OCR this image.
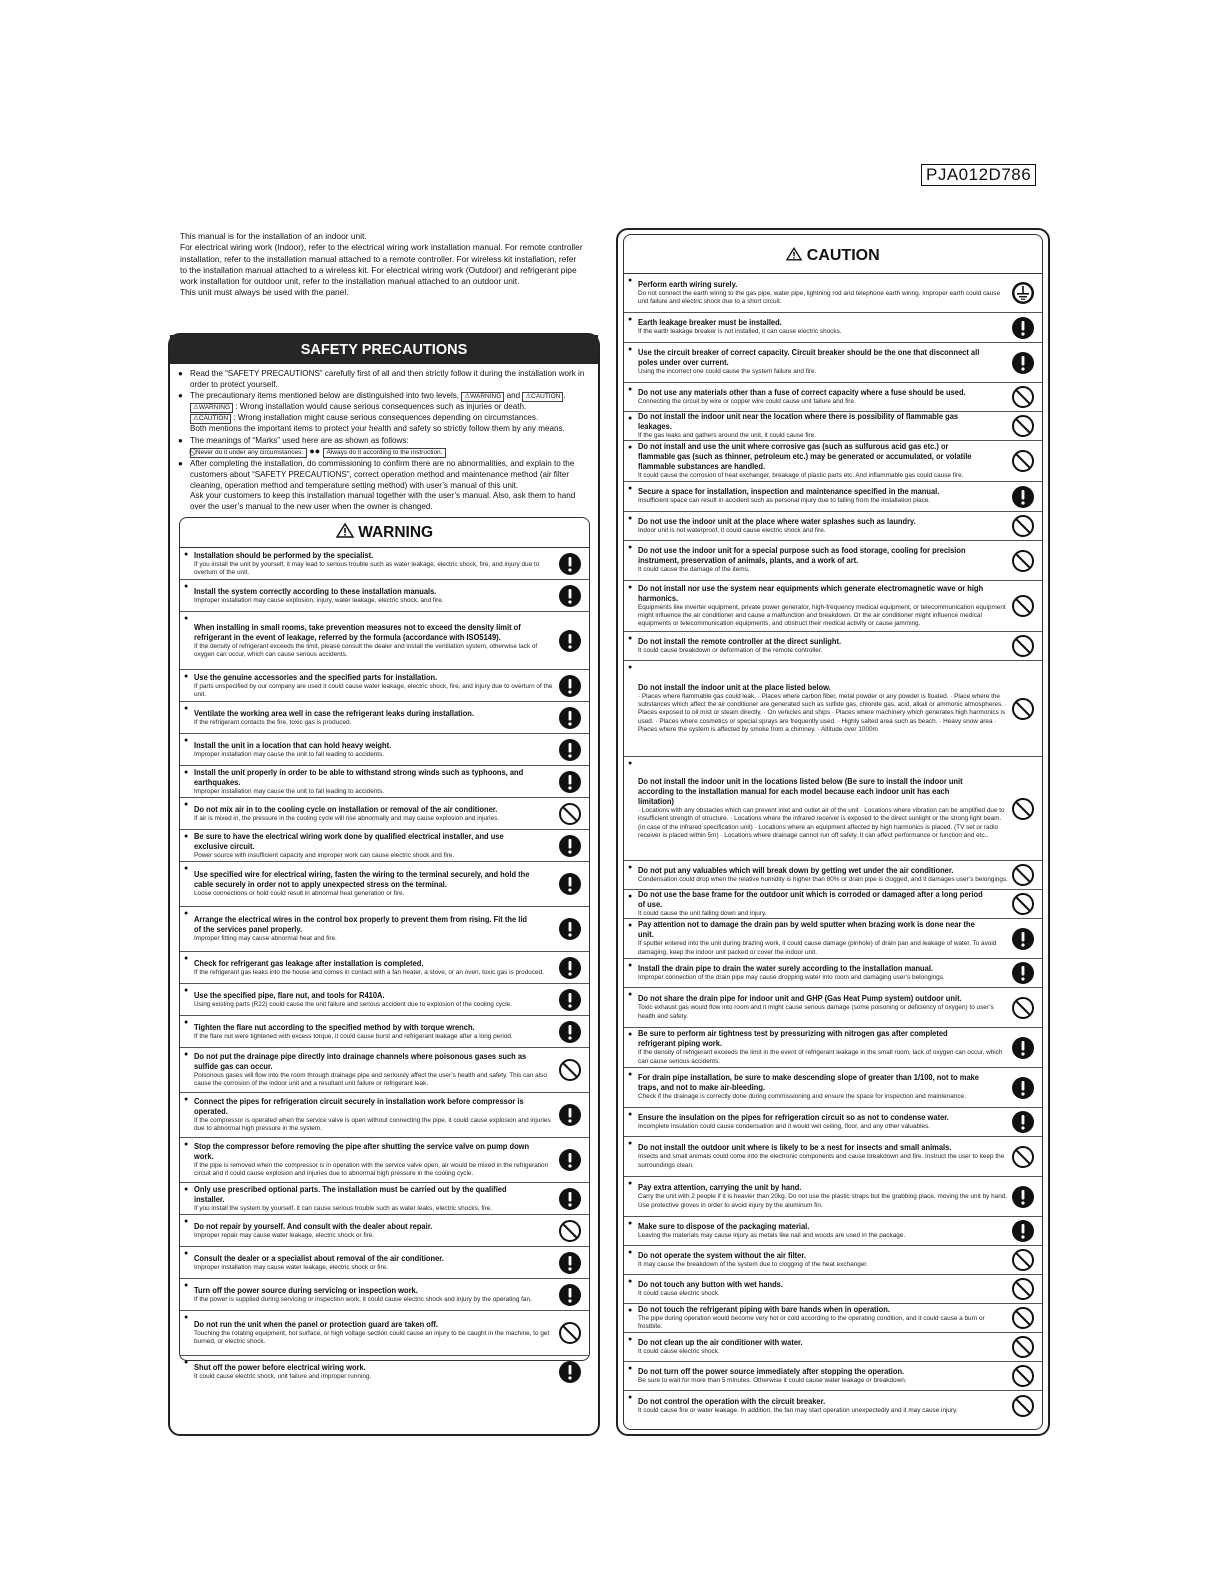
PJA012D786

This manual is for the installation of an indoor unit.

For electrical wiring work (Indoor), refer to the electrical wiring work installation manual. For remote controller installation, refer to the installation manual attached to a remote controller. For wireless kit installation, refer to the installation manual attached to a wireless kit. For electrical wiring work (Outdoor) and refrigerant pipe work installation for outdoor unit, refer to the installation manual attached to an outdoor unit.

This unit must always be used with the panel.

SAFETY PRECAUTIONS
● Read the “SAFETY PRECAUTIONS” carefully first of all and then strictly follow it during the installation work in order to protect yourself.
● The precautionary items mentioned below are distinguished into two levels, ⚠WARNING and ⚠CAUTION .
⚠WARNING : Wrong installation would cause serious consequences such as injuries or death.
⚠CAUTION : Wrong installation might cause serious consequences depending on circumstances.
Both mentions the important items to protect your health and safety so strictly follow them by any means.
● The meanings of “Marks” used here are as shown as follows:
Never do it under any circumstances. ●● Always do it according to the instruction.
● After completing the installation, do commissioning to confirm there are no abnormalities, and explain to the customers about “SAFETY PRECAUTIONS”, correct operation method and maintenance method (air filter cleaning, operation method and temperature setting method) with user’s manual of this unit.
Ask your customers to keep this installation manual together with the user’s manual. Also, ask them to hand over the user’s manual to the new user when the owner is changed.
WARNING
● Installation should be performed by the specialist.
If you install the unit by yourself, it may lead to serious trouble such as water leakage, electric shock, fire, and injury due to overturn of the unit.
● Install the system correctly according to these installation manuals.
Improper installation may cause explosion, injury, water leakage, electric shock, and fire.
●
When installing in small rooms, take prevention measures not to exceed the density limit of refrigerant in the event of leakage, referred by the formula (accordance with ISO5149).
If the density of refrigerant exceeds the limit, please consult the dealer and install the ventilation system, otherwise lack of oxygen can occur, which can cause serious accidents.
● Use the genuine accessories and the specified parts for installation.
If parts unspecified by our company are used it could cause water leakage, electric shock, fire, and injury due to overturn of the unit.
● Ventilate the working area well in case the refrigerant leaks during installation.
If the refrigerant contacts the fire, toxic gas is produced.
● Install the unit in a location that can hold heavy weight.
Improper installation may cause the unit to fall leading to accidents.
● Install the unit properly in order to be able to withstand strong winds such as typhoons, and earthquakes.
Improper installation may cause the unit to fall leading to accidents.
● Do not mix air in to the cooling cycle on installation or removal of the air conditioner.
If air is mixed in, the pressure in the cooling cycle will rise abnormally and may cause explosion and injuries.
● Be sure to have the electrical wiring work done by qualified electrical installer, and use exclusive circuit.
Power source with insufficient capacity and improper work can cause electric shock and fire.
●
Use specified wire for electrical wiring, fasten the wiring to the terminal securely, and hold the cable securely in order not to apply unexpected stress on the terminal.
Loose connections or hold could result in abnormal heat generation or fire.
●
Arrange the electrical wires in the control box properly to prevent them from rising. Fit the lid of the services panel properly.
Improper fitting may cause abnormal heat and fire.
● Check for refrigerant gas leakage after installation is completed.
If the refrigerant gas leaks into the house and comes in contact with a fan heater, a stove, or an oven, toxic gas is produced.
● Use the specified pipe, flare nut, and tools for R410A.
Using existing parts (R22) could cause the unit failure and serious accident due to explosion of the cooling cycle.
● Tighten the flare nut according to the specified method by with torque wrench.
If the flare nut were tightened with excess torque, it could cause burst and refrigerant leakage after a long period.
● Do not put the drainage pipe directly into drainage channels where poisonous gases such as sulfide gas can occur.
Poisonous gases will flow into the room through drainage pipe and seriously affect the user’s health and safety. This can also cause the corrosion of the indoor unit and a resultant unit failure or refrigerant leak.
● Connect the pipes for refrigeration circuit securely in installation work before compressor is operated.
If the compressor is operated when the service valve is open without connecting the pipe, it could cause explosion and injuries due to abnormal high pressure in the system.
● Stop the compressor before removing the pipe after shutting the service valve on pump down work.
If the pipe is removed when the compressor is in operation with the service valve open, air would be mixed in the refrigeration circuit and it could cause explosion and injuries due to abnormal high pressure in the cooling cycle.
● Only use prescribed optional parts. The installation must be carried out by the qualified installer.
If you install the system by yourself, it can cause serious trouble such as water leaks, electric shocks, fire.
● Do not repair by yourself. And consult with the dealer about repair.
Improper repair may cause water leakage, electric shock or fire.
● Consult the dealer or a specialist about removal of the air conditioner.
Improper installation may cause water leakage, electric shock or fire.
● Turn off the power source during servicing or inspection work.
If the power is supplied during servicing or inspection work, it could cause electric shock and injury by the operating fan.
●
Do not run the unit when the panel or protection guard are taken off.
Touching the rotating equipment, hot surface, or high voltage section could cause an injury to be caught in the machine, to get burned, or electric shock.
●
Shut off the power before electrical wiring work.
It could cause electric shock, unit failure and improper running.
CAUTION
● Perform earth wiring surely.
Do not connect the earth wiring to the gas pipe, water pipe, lightning rod and telephone earth wiring. Improper earth could cause unit failure and electric shock due to a short circuit.
● Earth leakage breaker must be installed.
If the earth leakage breaker is not installed, it can cause electric shocks.
● Use the circuit breaker of correct capacity. Circuit breaker should be the one that disconnect all poles under over current.
Using the incorrect one could cause the system failure and fire.
● Do not use any materials other than a fuse of correct capacity where a fuse should be used.
Connecting the circuit by wire or copper wire could cause unit failure and fire.
● Do not install the indoor unit near the location where there is possibility of flammable gas leakages.
If the gas leaks and gathers around the unit, it could cause fire.
● Do not install and use the unit where corrosive gas (such as sulfurous acid gas etc.) or flammable gas (such as thinner, petroleum etc.) may be generated or accumulated, or volatile flammable substances are handled.
It could cause the corrosion of heat exchanger, breakage of plastic parts etc. And inflammable gas could cause fire.
● Secure a space for installation, inspection and maintenance specified in the manual.
Insufficient space can result in accident such as personal injury due to falling from the installation place.
● Do not use the indoor unit at the place where water splashes such as laundry.
Indoor unit is not waterproof. It could cause electric shock and fire.
● Do not use the indoor unit for a special purpose such as food storage, cooling for precision instrument, preservation of animals, plants, and a work of art.
It could cause the damage of the items.
● Do not install nor use the system near equipments which generate electromagnetic wave or high harmonics.
Equipments like inverter equipment, private power generator, high-frequency medical equipment, or telecommunication equipment might influence the air conditioner and cause a malfunction and breakdown. Or the air conditioner might influence medical equipments or telecommunication equipments, and obstruct their medical activity or cause jamming.
● Do not install the remote controller at the direct sunlight.
It could cause breakdown or deformation of the remote controller.
●
Do not install the indoor unit at the place listed below.
· Places where flammable gas could leak. · Places where carbon fiber, metal powder or any powder is floated. · Place where the substances which affect the air conditioner are generated such as sulfide gas, chloride gas, acid, alkali or ammonic atmospheres. · Places exposed to oil mist or steam directly. · On vehicles and ships · Places where machinery which generates high harmonics is used. · Places where cosmetics or special sprays are frequently used. · Highly salted area such as beach. · Heavy snow area · Places where the system is affected by smoke from a chimney. · Altitude over 1000m
●
Do not install the indoor unit in the locations listed below (Be sure to install the indoor unit according to the installation manual for each model because each indoor unit has each limitation)
· Locations with any obstacles which can prevent inlet and outlet air of the unit · Locations where vibration can be amplified due to insufficient strength of structure. · Locations where the infrared receiver is exposed to the direct sunlight or the strong light beam. (in case of the infrared specification unit) · Locations where an equipment affected by high harmonics is placed. (TV set or radio receiver is placed within 5m) · Locations where drainage cannot run off safely. It can affect performance or function and etc..
● Do not put any valuables which will break down by getting wet under the air conditioner.
Condensation could drop when the relative humidity is higher than 80% or drain pipe is clogged, and it damages user’s belongings.
● Do not use the base frame for the outdoor unit which is corroded or damaged after a long period of use.
It could cause the unit falling down and injury.
● Pay attention not to damage the drain pan by weld sputter when brazing work is done near the unit.
If sputter entered into the unit during brazing work, it could cause damage (pinhole) of drain pan and leakage of water. To avoid damaging, keep the indoor unit packed or cover the indoor unit.
● Install the drain pipe to drain the water surely according to the installation manual.
Improper connection of the drain pipe may cause dropping water into room and damaging user’s belongings.
● Do not share the drain pipe for indoor unit and GHP (Gas Heat Pump system) outdoor unit.
Toxic exhaust gas would flow into room and it might cause serious damage (some poisoning or deficiency of oxygen) to user’s health and safety.
● Be sure to perform air tightness test by pressurizing with nitrogen gas after completed refrigerant piping work.
If the density of refrigerant exceeds the limit in the event of refrigerant leakage in the small room, lack of oxygen can occur, which can cause serious accidents.
● For drain pipe installation, be sure to make descending slope of greater than 1/100, not to make traps, and not to make air-bleeding.
Check if the drainage is correctly done during commissioning and ensure the space for inspection and maintenance.
● Ensure the insulation on the pipes for refrigeration circuit so as not to condense water.
Incomplete insulation could cause condensation and it would wet ceiling, floor, and any other valuables.
● Do not install the outdoor unit where is likely to be a nest for insects and small animals.
Insects and small animals could come into the electronic components and cause breakdown and fire. Instruct the user to keep the surroundings clean.
● Pay extra attention, carrying the unit by hand.
Carry the unit with 2 people if it is heavier than 20kg. Do not use the plastic straps but the grabbing place, moving the unit by hand. Use protective gloves in order to avoid injury by the aluminum fin.
● Make sure to dispose of the packaging material.
Leaving the materials may cause injury as metals like nail and woods are used in the package.
● Do not operate the system without the air filter.
It may cause the breakdown of the system due to clogging of the heat exchanger.
● Do not touch any button with wet hands.
It could cause electric shock.
● Do not touch the refrigerant piping with bare hands when in operation.
The pipe during operation would become very hot or cold according to the operating condition, and it could cause a burn or frostbite.
● Do not clean up the air conditioner with water.
It could cause electric shock.
● Do not turn off the power source immediately after stopping the operation.
Be sure to wait for more than 5 minutes. Otherwise it could cause water leakage or breakdown.
● Do not control the operation with the circuit breaker.
It could cause fire or water leakage. In addition, the fan may start operation unexpectedly and it may cause injury.
